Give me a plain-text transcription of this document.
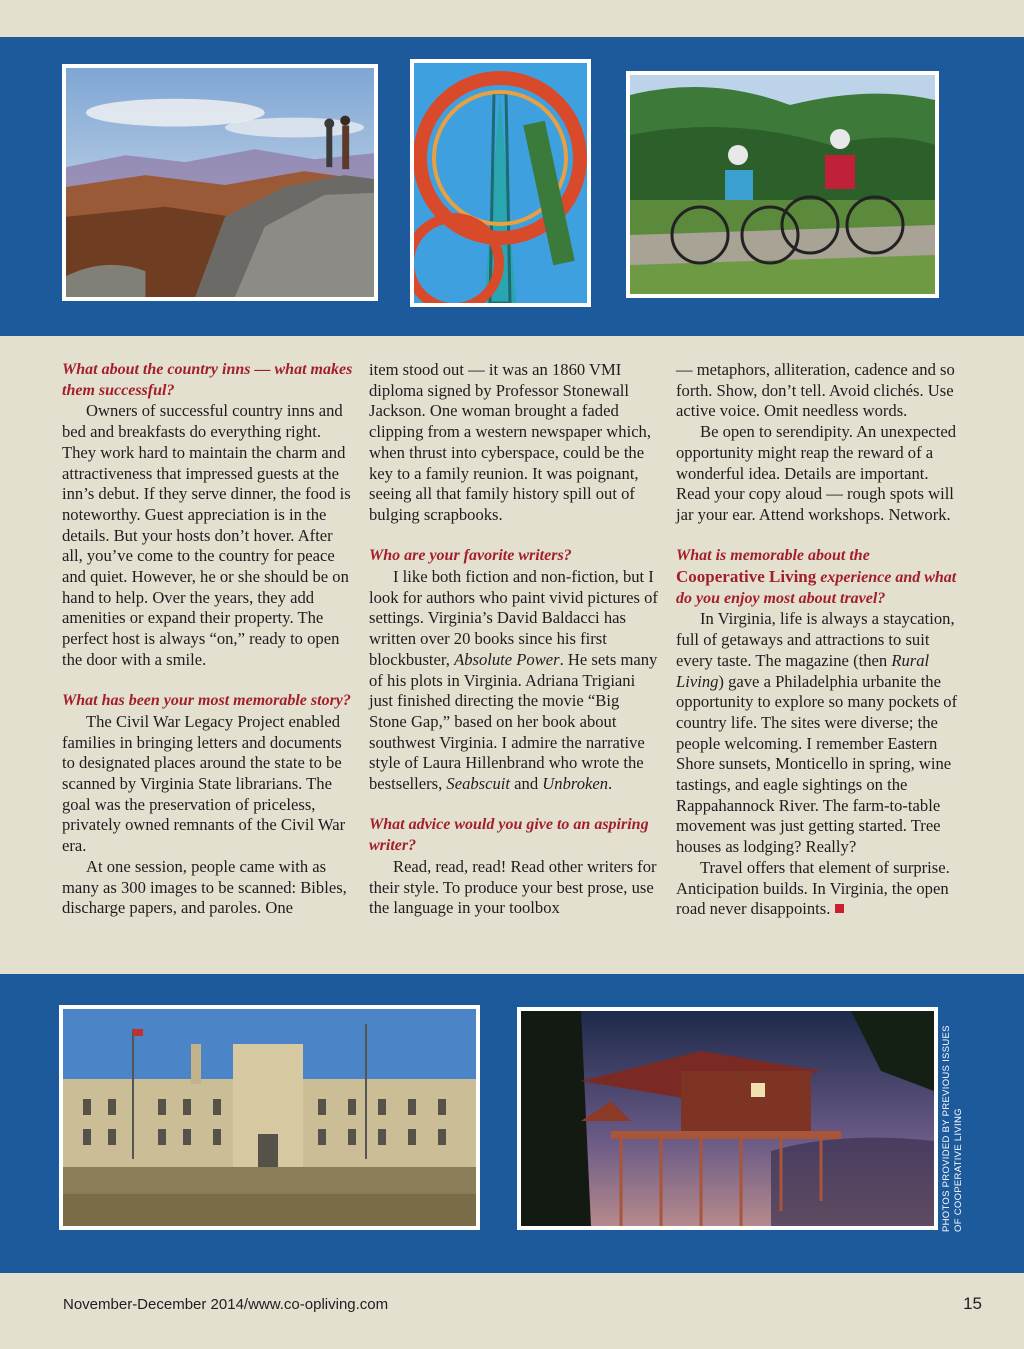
What about the country inns — what makes them successful?

Owners of successful country inns and bed and breakfasts do everything right. They work hard to maintain the charm and attractiveness that impressed guests at the inn’s debut. If they serve dinner, the food is noteworthy. Guest appreciation is in the details. But your hosts don’t hover. After all, you’ve come to the country for peace and quiet. However, he or she should be on hand to help. Over the years, they add amenities or expand their property. The perfect host is always “on,” ready to open the door with a smile.

What has been your most memorable story?

The Civil War Legacy Project enabled families in bringing letters and documents to designated places around the state to be scanned by Virginia State librarians. The goal was the preservation of priceless, privately owned remnants of the Civil War era.

At one session, people came with as many as 300 images to be scanned: Bibles, discharge papers, and paroles. One

item stood out — it was an 1860 VMI diploma signed by Professor Stonewall Jackson. One woman brought a faded clipping from a western newspaper which, when thrust into cyberspace, could be the key to a family reunion. It was poignant, seeing all that family history spill out of bulging scrapbooks.

Who are your favorite writers?

I like both fiction and non-fiction, but I look for authors who paint vivid pictures of settings. Virginia’s David Baldacci has written over 20 books since his first blockbuster, Absolute Power. He sets many of his plots in Virginia. Adriana Trigiani just finished directing the movie “Big Stone Gap,” based on her book about southwest Virginia. I admire the narrative style of Laura Hillenbrand who wrote the bestsellers, Seabscuit and Unbroken.

What advice would you give to an aspiring writer?

Read, read, read! Read other writers for their style. To produce your best prose, use the language in your toolbox

— metaphors, alliteration, cadence and so forth. Show, don’t tell. Avoid clichés. Use active voice. Omit needless words.

Be open to serendipity. An unexpected opportunity might reap the reward of a wonderful idea. Details are important. Read your copy aloud — rough spots will jar your ear. Attend workshops. Network.

What is memorable about the Cooperative Living experience and what do you enjoy most about travel?

In Virginia, life is always a staycation, full of getaways and attractions to suit every taste. The magazine (then Rural Living) gave a Philadelphia urbanite the opportunity to explore so many pockets of country life. The sites were diverse; the people welcoming. I remember Eastern Shore sunsets, Monticello in spring, wine tastings, and eagle sightings on the Rappahannock River. The farm-to-table movement was just getting started. Tree houses as lodging? Really?

Travel offers that element of surprise. Anticipation builds. In Virginia, the open road never disappoints.

PHOTOS PROVIDED BY PREVIOUS ISSUES OF COOPERATIVE LIVING
November-December 2014/www.co-opliving.com	15
